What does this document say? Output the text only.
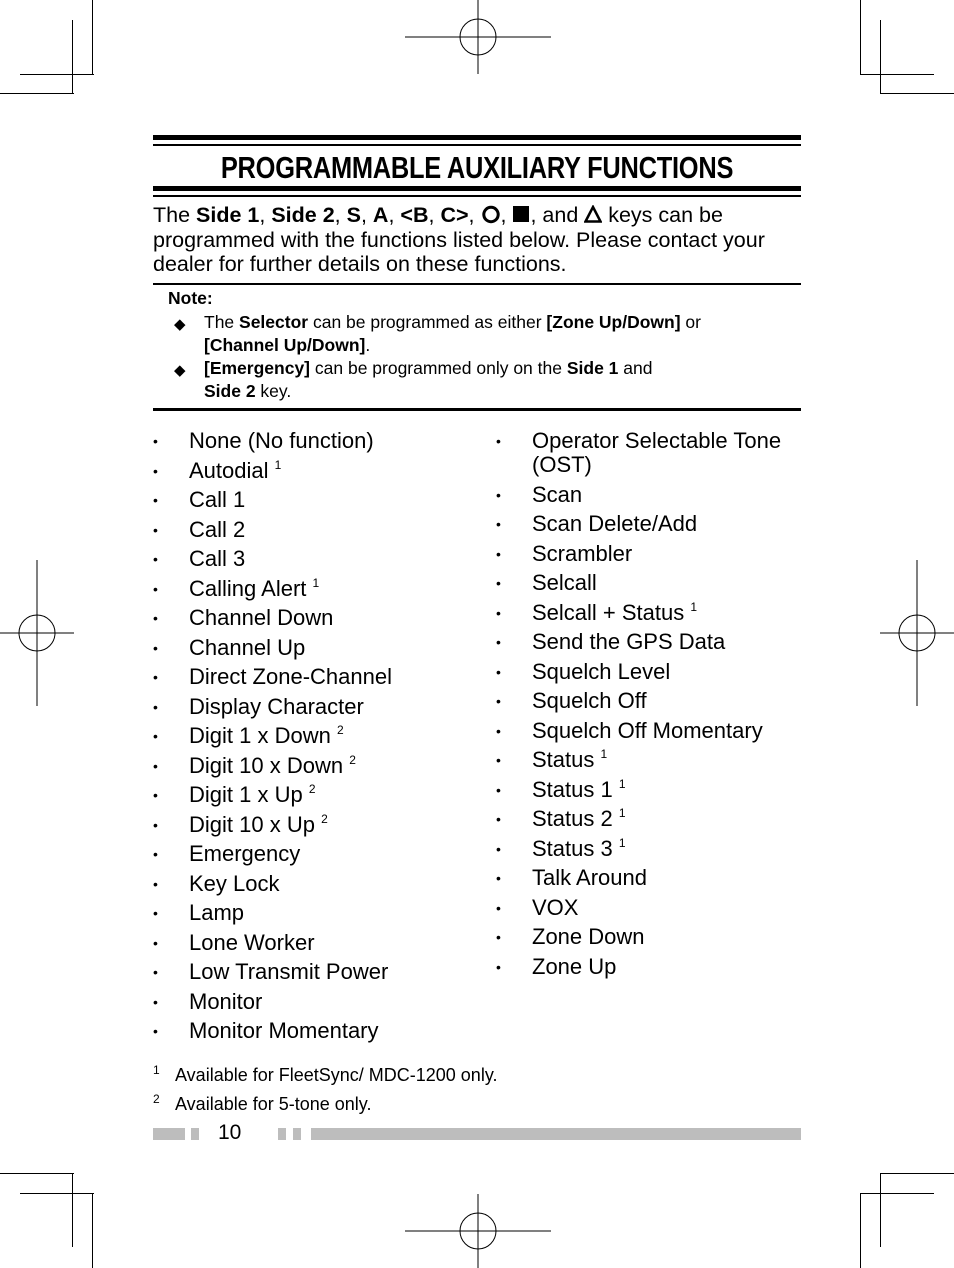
PROGRAMMABLE AUXILIARY FUNCTIONS
The Side 1, Side 2, S, A, <B, C>, , , and  keys can be programmed with the functions listed below. Please contact your dealer for further details on these functions.
Note:
◆ The Selector can be programmed as either [Zone Up/Down] or
[Channel Up/Down].
◆ [Emergency] can be programmed only on the Side 1 and
Side 2 key.
• None (No function)
• Autodial $^1$
• Call 1
• Call 2
• Call 3
• Calling Alert $^1$
• Channel Down
• Channel Up
• Direct Zone-Channel
• Display Character
• Digit 1 x Down $^2$
• Digit 10 x Down $^2$
• Digit 1 x Up $^2$
• Digit 10 x Up $^2$
• Emergency
• Key Lock
• Lamp
• Lone Worker
• Low Transmit Power
• Monitor
• Monitor Momentary
• Operator Selectable Tone (OST)
• Scan
• Scan Delete/Add
• Scrambler
• Selcall
• Selcall + Status $^1$
• Send the GPS Data
• Squelch Level
• Squelch Off
• Squelch Off Momentary
• Status $^1$
• Status 1 $^1$
• Status 2 $^1$
• Status 3 $^1$
• Talk Around
• VOX
• Zone Down
• Zone Up
1 Available for FleetSync/ MDC-1200 only.
2 Available for 5-tone only.
10
